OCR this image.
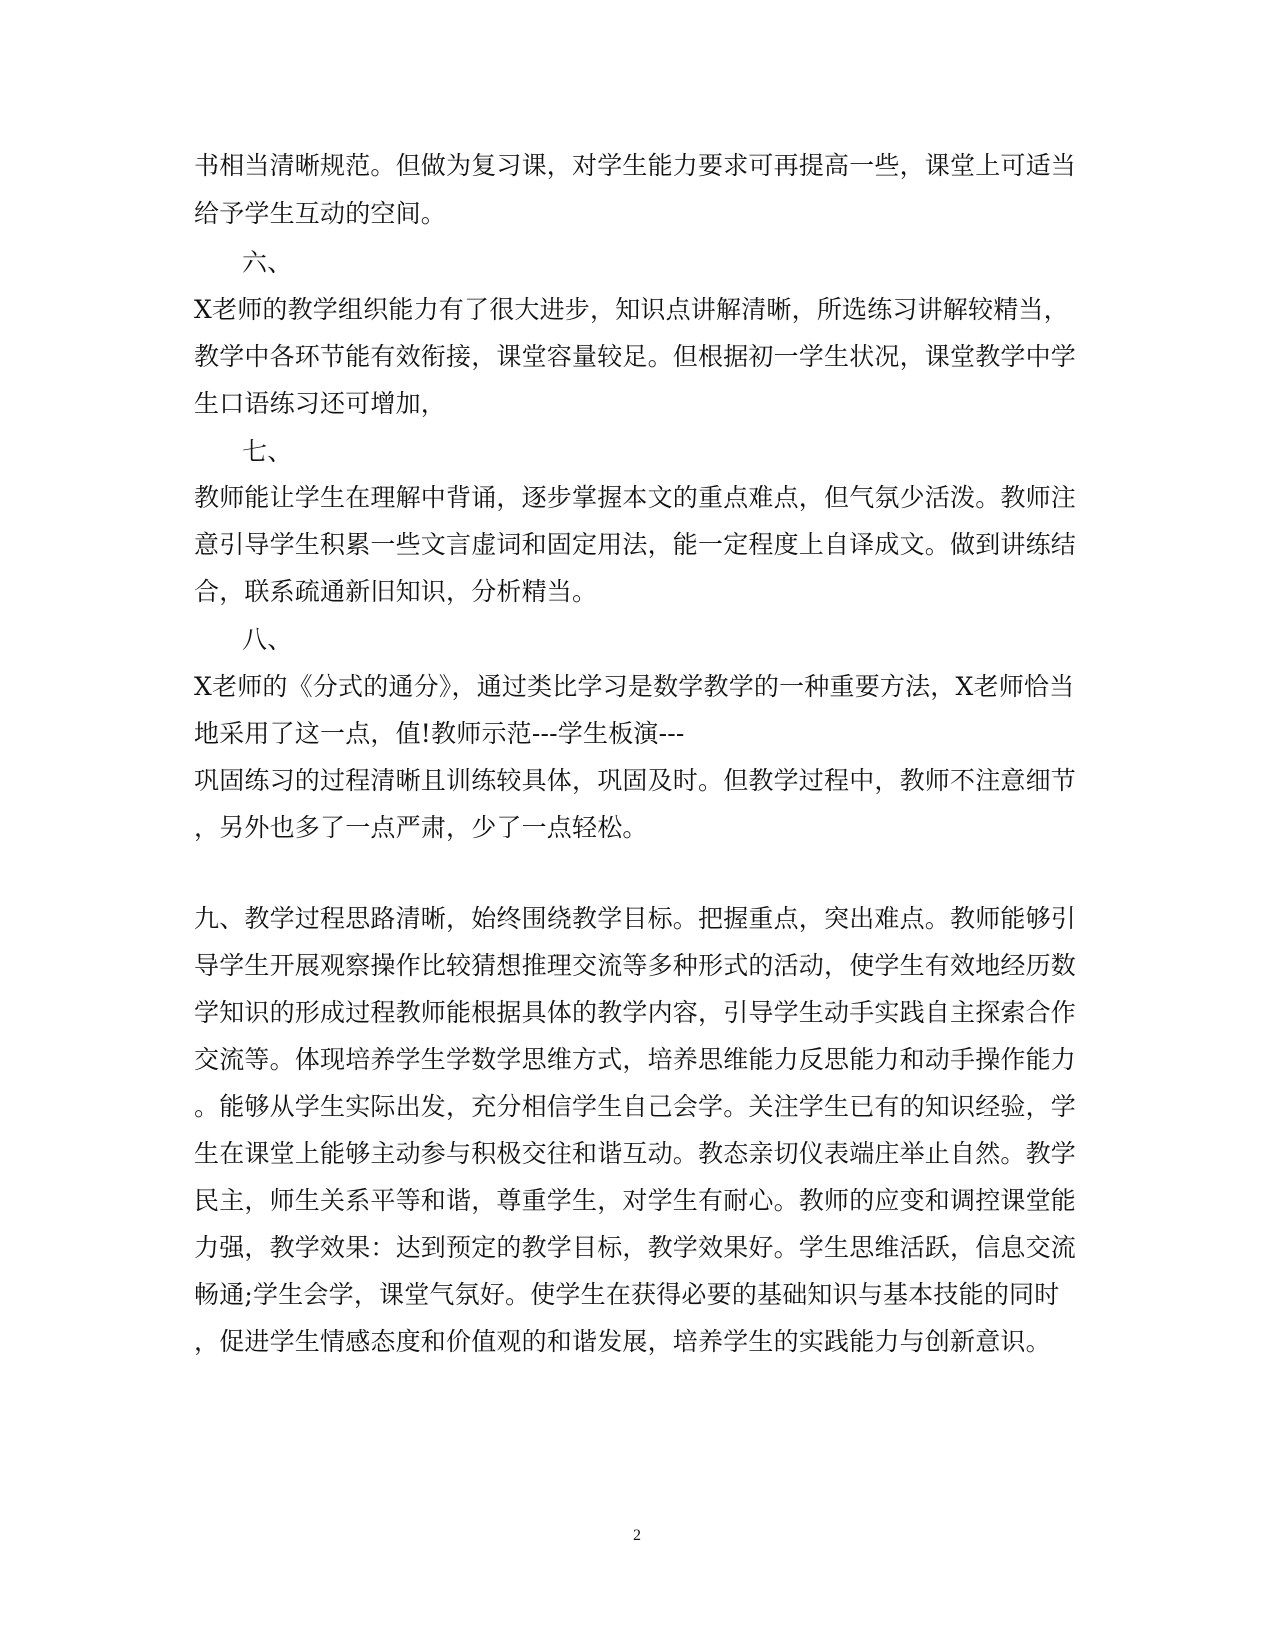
书相当清晰规范。但做为复习课，对学生能力要求可再提高一些，课堂上可适当
给予学生互动的空间。
六、
X老师的教学组织能力有了很大进步，知识点讲解清晰，所选练习讲解较精当，
教学中各环节能有效衔接，课堂容量较足。但根据初一学生状况，课堂教学中学
生口语练习还可增加，
七、
教师能让学生在理解中背诵，逐步掌握本文的重点难点，但气氛少活泼。教师注
意引导学生积累一些文言虚词和固定用法，能一定程度上自译成文。做到讲练结
合，联系疏通新旧知识，分析精当。
八、
X老师的《分式的通分》，通过类比学习是数学教学的一种重要方法，X老师恰当
地采用了这一点，值!教师示范---学生板演---
巩固练习的过程清晰且训练较具体，巩固及时。但教学过程中，教师不注意细节
，另外也多了一点严肃，少了一点轻松。
九、教学过程思路清晰，始终围绕教学目标。把握重点，突出难点。教师能够引
导学生开展观察操作比较猜想推理交流等多种形式的活动，使学生有效地经历数
学知识的形成过程教师能根据具体的教学内容，引导学生动手实践自主探索合作
交流等。体现培养学生学数学思维方式，培养思维能力反思能力和动手操作能力
。能够从学生实际出发，充分相信学生自己会学。关注学生已有的知识经验，学
生在课堂上能够主动参与积极交往和谐互动。教态亲切仪表端庄举止自然。教学
民主，师生关系平等和谐，尊重学生，对学生有耐心。教师的应变和调控课堂能
力强，教学效果：达到预定的教学目标，教学效果好。学生思维活跃，信息交流
畅通;学生会学，课堂气氛好。使学生在获得必要的基础知识与基本技能的同时
，促进学生情感态度和价值观的和谐发展，培养学生的实践能力与创新意识。
2
